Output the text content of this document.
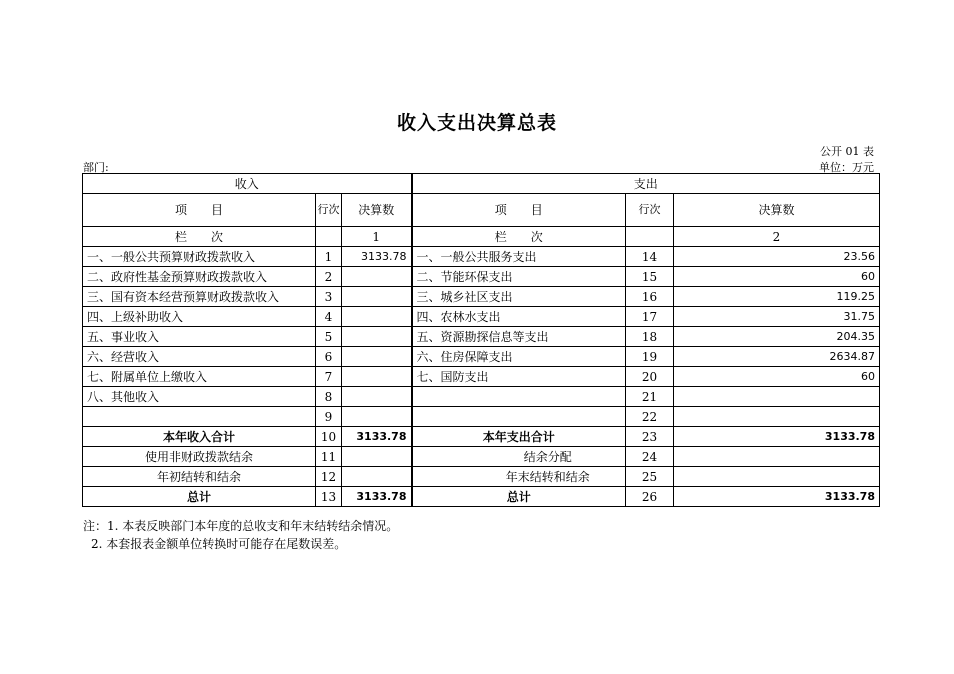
收入支出决算总表
公开 01 表
部门:	单位：万元
收入			支出		
项　　目	行次	决算数	项　　目	行次	决算数
栏　　次		1	栏　　次		2
一、一般公共预算财政拨款收入	1	3133.78	一、一般公共服务支出	14	23.56
二、政府性基金预算财政拨款收入	2		二、节能环保支出	15	60
三、国有资本经营预算财政拨款收入	3		三、城乡社区支出	16	119.25
四、上级补助收入	4		四、农林水支出	17	31.75
五、事业收入	5		五、资源勘探信息等支出	18	204.35
六、经营收入	6		六、住房保障支出	19	2634.87
七、附属单位上缴收入	7		七、国防支出	20	60
八、其他收入	8			21	
	9			22	
本年收入合计	10	3133.78	本年支出合计	23	3133.78
使用非财政拨款结余	11		结余分配	24	
年初结转和结余	12		年末结转和结余	25	
总计	13	3133.78	总计	26	3133.78
注：1. 本表反映部门本年度的总收支和年末结转结余情况。
2. 本套报表金额单位转换时可能存在尾数误差。
